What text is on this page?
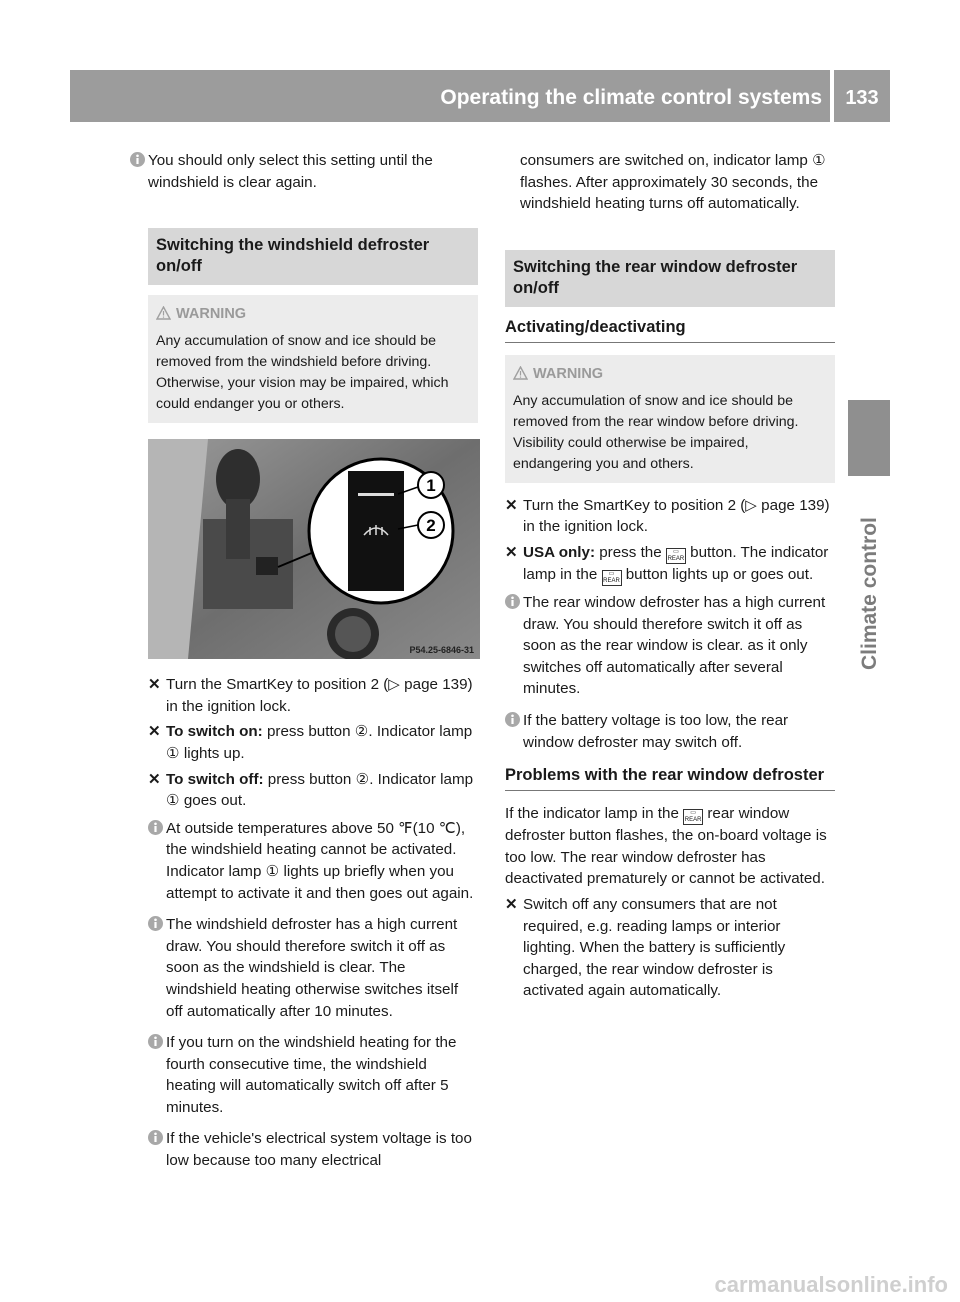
Operating the climate control systems	133
Climate control

You should only select this setting until the windshield is clear again.

Switching the windshield defroster on/off
WARNING

Any accumulation of snow and ice should be removed from the windshield before driving. Otherwise, your vision may be impaired, which could endanger you or others.

1
2
P54.25-6846-31
✕ Turn the SmartKey to position 2 (▷ page 139) in the ignition lock.

✕ To switch on: press button ②. Indicator lamp ① lights up.

✕ To switch off: press button ②. Indicator lamp ① goes out.

At outside temperatures above 50 ℉(10 ℃), the windshield heating cannot be activated. Indicator lamp ① lights up briefly when you attempt to activate it and then goes out again.

The windshield defroster has a high current draw. You should therefore switch it off as soon as the windshield is clear. The windshield heating otherwise switches itself off automatically after 10 minutes.

If you turn on the windshield heating for the fourth consecutive time, the windshield heating will automatically switch off after 5 minutes.

If the vehicle's electrical system voltage is too low because too many electrical

consumers are switched on, indicator lamp ① flashes. After approximately 30 seconds, the windshield heating turns off automatically.

Switching the rear window defroster on/off
Activating/deactivating
WARNING

Any accumulation of snow and ice should be removed from the rear window before driving. Visibility could otherwise be impaired, endangering you and others.

✕ Turn the SmartKey to position 2 (▷ page 139) in the ignition lock.

✕ USA only: press the ▭
REAR button. The indicator lamp in the ▭
REAR button lights up or goes out.

The rear window defroster has a high current draw. You should therefore switch it off as soon as the rear window is clear. as it only switches off automatically after several minutes.

If the battery voltage is too low, the rear window defroster may switch off.

Problems with the rear window defroster

If the indicator lamp in the ▭
REAR rear window defroster button flashes, the on-board voltage is too low. The rear window defroster has deactivated prematurely or cannot be activated.

✕ Switch off any consumers that are not required, e.g. reading lamps or interior lighting. When the battery is sufficiently charged, the rear window defroster is activated again automatically.

carmanualsonline.info
